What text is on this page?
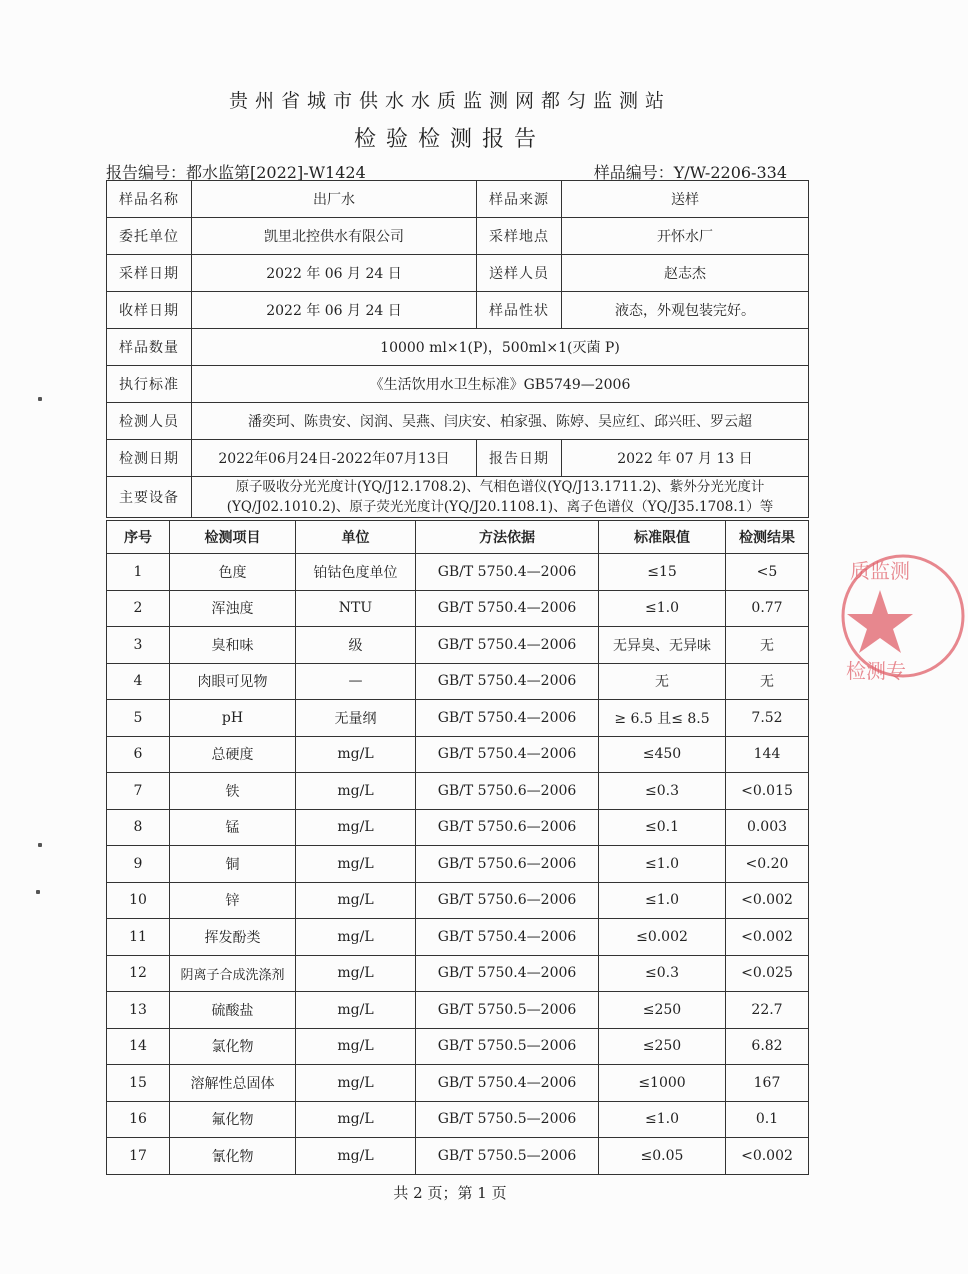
贵州省城市供水水质监测网都匀监测站
检验检测报告
报告编号：都水监第[2022]-W1424	样品编号：Y/W-2206-334
样品名称	出厂水	样品来源	送样
委托单位	凯里北控供水有限公司	采样地点	开怀水厂
采样日期	2022 年 06 月 24 日	送样人员	赵志杰
收样日期	2022 年 06 月 24 日	样品性状	液态，外观包装完好。
样品数量	10000 ml×1(P)，500ml×1(灭菌 P)		
执行标准	《生活饮用水卫生标准》GB5749—2006		
检测人员	潘奕珂、陈贵安、闵润、吴燕、闫庆安、柏家强、陈婷、吴应红、邱兴旺、罗云超		
检测日期	2022年06月24日-2022年07月13日	报告日期	2022 年 07 月 13 日
主要设备	原子吸收分光光度计(YQ/J12.1708.2)、气相色谱仪(YQ/J13.1711.2)、紫外分光光度计
(YQ/J02.1010.2)、原子荧光光度计(YQ/J20.1108.1)、离子色谱仪（YQ/J35.1708.1）等		
序号	检测项目	单位	方法依据	标准限值	检测结果
1	色度	铂钴色度单位	GB/T 5750.4—2006	≤15	<5
2	浑浊度	NTU	GB/T 5750.4—2006	≤1.0	0.77
3	臭和味	级	GB/T 5750.4—2006	无异臭、无异味	无
4	肉眼可见物	—	GB/T 5750.4—2006	无	无
5	pH	无量纲	GB/T 5750.4—2006	≥ 6.5 且≤ 8.5	7.52
6	总硬度	mg/L	GB/T 5750.4—2006	≤450	144
7	铁	mg/L	GB/T 5750.6—2006	≤0.3	<0.015
8	锰	mg/L	GB/T 5750.6—2006	≤0.1	0.003
9	铜	mg/L	GB/T 5750.6—2006	≤1.0	<0.20
10	锌	mg/L	GB/T 5750.6—2006	≤1.0	<0.002
11	挥发酚类	mg/L	GB/T 5750.4—2006	≤0.002	<0.002
12	阴离子合成洗涤剂	mg/L	GB/T 5750.4—2006	≤0.3	<0.025
13	硫酸盐	mg/L	GB/T 5750.5—2006	≤250	22.7
14	氯化物	mg/L	GB/T 5750.5—2006	≤250	6.82
15	溶解性总固体	mg/L	GB/T 5750.4—2006	≤1000	167
16	氟化物	mg/L	GB/T 5750.5—2006	≤1.0	0.1
17	氰化物	mg/L	GB/T 5750.5—2006	≤0.05	<0.002
共 2 页；第 1 页
质监测
检测专
